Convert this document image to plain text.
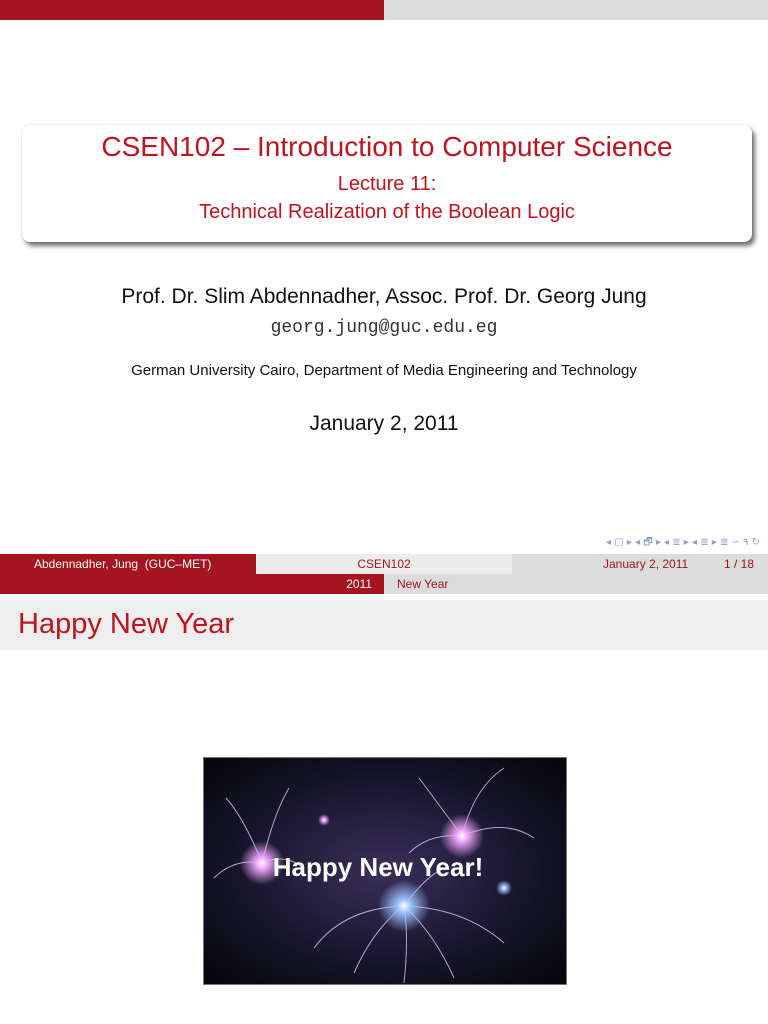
CSEN102 – Introduction to Computer Science
Lecture 11:
Technical Realization of the Boolean Logic
Prof. Dr. Slim Abdennadher, Assoc. Prof. Dr. Georg Jung
georg.jung@guc.edu.eg
German University Cairo, Department of Media Engineering and Technology
January 2, 2011
◂ ▢ ▸ ◂ 🗗 ▸ ◂ ≣ ▸ ◂ ≣ ▸ ≣ ∽ ۹ ↻
Abdennadher, Jung  (GUC–MET)	CSEN102	January 2, 2011	1 / 18
2011 New Year
Happy New Year
Happy New Year!
